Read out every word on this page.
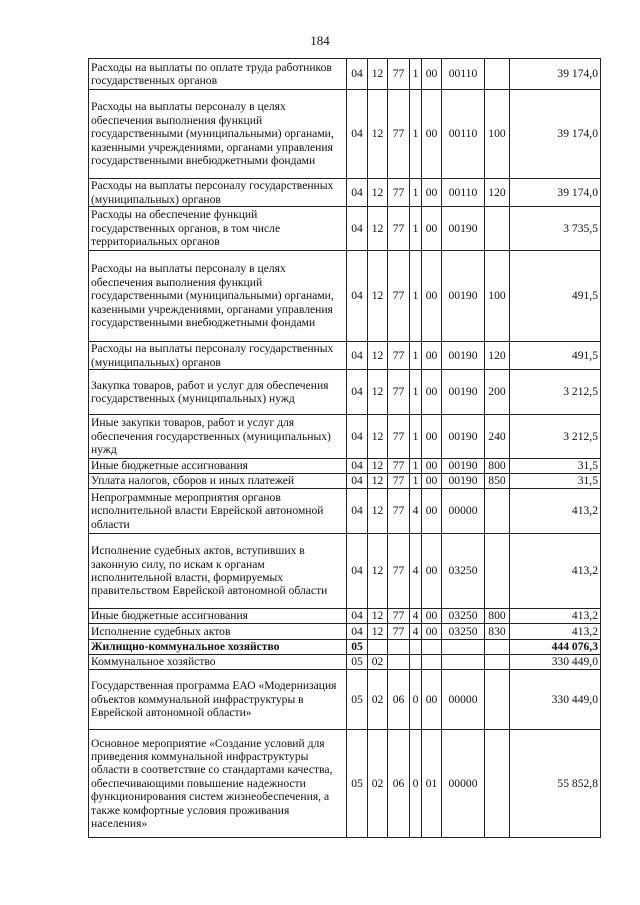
184
Расходы на выплаты по оплате труда работников государственных органов	04	12	77	1	00	00110		39 174,0
Расходы на выплаты персоналу в целях обеспечения выполнения функций государственными (муниципальными) органами, казенными учреждениями, органами управления государственными внебюджетными фондами	04	12	77	1	00	00110	100	39 174,0
Расходы на выплаты персоналу государственных (муниципальных) органов	04	12	77	1	00	00110	120	39 174,0
Расходы на обеспечение функций государственных органов, в том числе территориальных органов	04	12	77	1	00	00190		3 735,5
Расходы на выплаты персоналу в целях обеспечения выполнения функций государственными (муниципальными) органами, казенными учреждениями, органами управления государственными внебюджетными фондами	04	12	77	1	00	00190	100	491,5
Расходы на выплаты персоналу государственных (муниципальных) органов	04	12	77	1	00	00190	120	491,5
Закупка товаров, работ и услуг для обеспечения государственных (муниципальных) нужд	04	12	77	1	00	00190	200	3 212,5
Иные закупки товаров, работ и услуг для обеспечения государственных (муниципальных) нужд	04	12	77	1	00	00190	240	3 212,5
Иные бюджетные ассигнования	04	12	77	1	00	00190	800	31,5
Уплата налогов, сборов и иных платежей	04	12	77	1	00	00190	850	31,5
Непрограммные мероприятия органов исполнительной власти Еврейской автономной области	04	12	77	4	00	00000		413,2
Исполнение судебных актов, вступивших в законную силу, по искам к органам исполнительной власти, формируемых правительством Еврейской автономной области	04	12	77	4	00	03250		413,2
Иные бюджетные ассигнования	04	12	77	4	00	03250	800	413,2
Исполнение судебных актов	04	12	77	4	00	03250	830	413,2
Жилищно-коммунальное хозяйство	05							444 076,3
Коммунальное хозяйство	05	02						330 449,0
Государственная программа ЕАО «Модернизация объектов коммунальной инфраструктуры в Еврейской автономной области»	05	02	06	0	00	00000		330 449,0
Основное мероприятие «Создание условий для приведения коммунальной инфраструктуры области в соответствие со стандартами качества, обеспечивающими повышение надежности функционирования систем жизнеобеспечения, а также комфортные условия проживания населения»	05	02	06	0	01	00000		55 852,8
